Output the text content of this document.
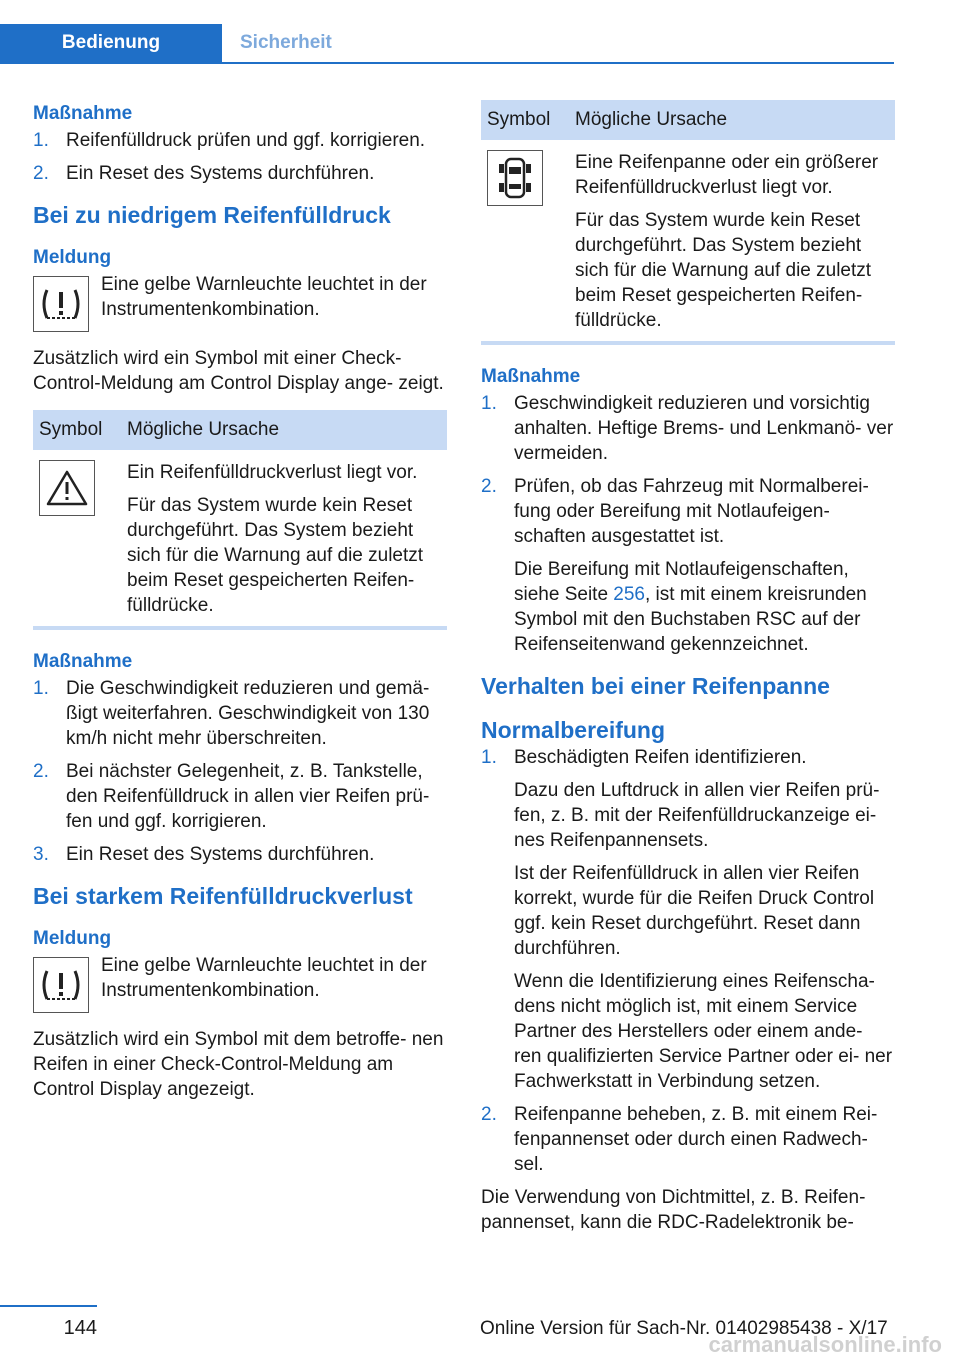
Bedienung	Sicherheit
Maßnahme
1. Reifenfülldruck prüfen und ggf. korrigieren.
2. Ein Reset des Systems durchführen.
Bei zu niedrigem Reifenfülldruck
Meldung

Eine gelbe Warnleuchte leuchtet in der Instrumentenkombination.

Zusätzlich wird ein Symbol mit einer Check-Control-Meldung am Control Display ange- zeigt.

Symbol	Mögliche Ursache

Ein Reifenfülldruckverlust liegt vor.

Für das System wurde kein Reset durchgeführt. Das System bezieht sich für die Warnung auf die zuletzt beim Reset gespeicherten Reifen- fülldrücke.

Maßnahme
1. Die Geschwindigkeit reduzieren und gemä- ßigt weiterfahren. Geschwindigkeit von 130 km/h nicht mehr überschreiten.
2. Bei nächster Gelegenheit, z. B. Tankstelle, den Reifenfülldruck in allen vier Reifen prü- fen und ggf. korrigieren.
3. Ein Reset des Systems durchführen.
Bei starkem Reifenfülldruckverlust
Meldung

Eine gelbe Warnleuchte leuchtet in der Instrumentenkombination.

Zusätzlich wird ein Symbol mit dem betroffe- nen Reifen in einer Check-Control-Meldung am Control Display angezeigt.

Symbol	Mögliche Ursache

Eine Reifenpanne oder ein größerer Reifenfülldruckverlust liegt vor.

Für das System wurde kein Reset durchgeführt. Das System bezieht sich für die Warnung auf die zuletzt beim Reset gespeicherten Reifen- fülldrücke.

Maßnahme
1. Geschwindigkeit reduzieren und vorsichtig anhalten. Heftige Brems- und Lenkmanö- ver vermeiden.
2. Prüfen, ob das Fahrzeug mit Normalberei- fung oder Bereifung mit Notlaufeigen- schaften ausgestattet ist.

Die Bereifung mit Notlaufeigenschaften, siehe Seite 256, ist mit einem kreisrunden Symbol mit den Buchstaben RSC auf der Reifenseitenwand gekennzeichnet.

Verhalten bei einer Reifenpanne
Normalbereifung
1. Beschädigten Reifen identifizieren.

Dazu den Luftdruck in allen vier Reifen prü- fen, z. B. mit der Reifenfülldruckanzeige ei- nes Reifenpannensets.

Ist der Reifenfülldruck in allen vier Reifen korrekt, wurde für die Reifen Druck Control ggf. kein Reset durchgeführt. Reset dann durchführen.

Wenn die Identifizierung eines Reifenscha- dens nicht möglich ist, mit einem Service Partner des Herstellers oder einem ande- ren qualifizierten Service Partner oder ei- ner Fachwerkstatt in Verbindung setzen.

2. Reifenpanne beheben, z. B. mit einem Rei- fenpannenset oder durch einen Radwech- sel.

Die Verwendung von Dichtmittel, z. B. Reifen- pannenset, kann die RDC-Radelektronik be-

144	Online Version für Sach-Nr. 01402985438 - X/17
carmanualsonline.info
